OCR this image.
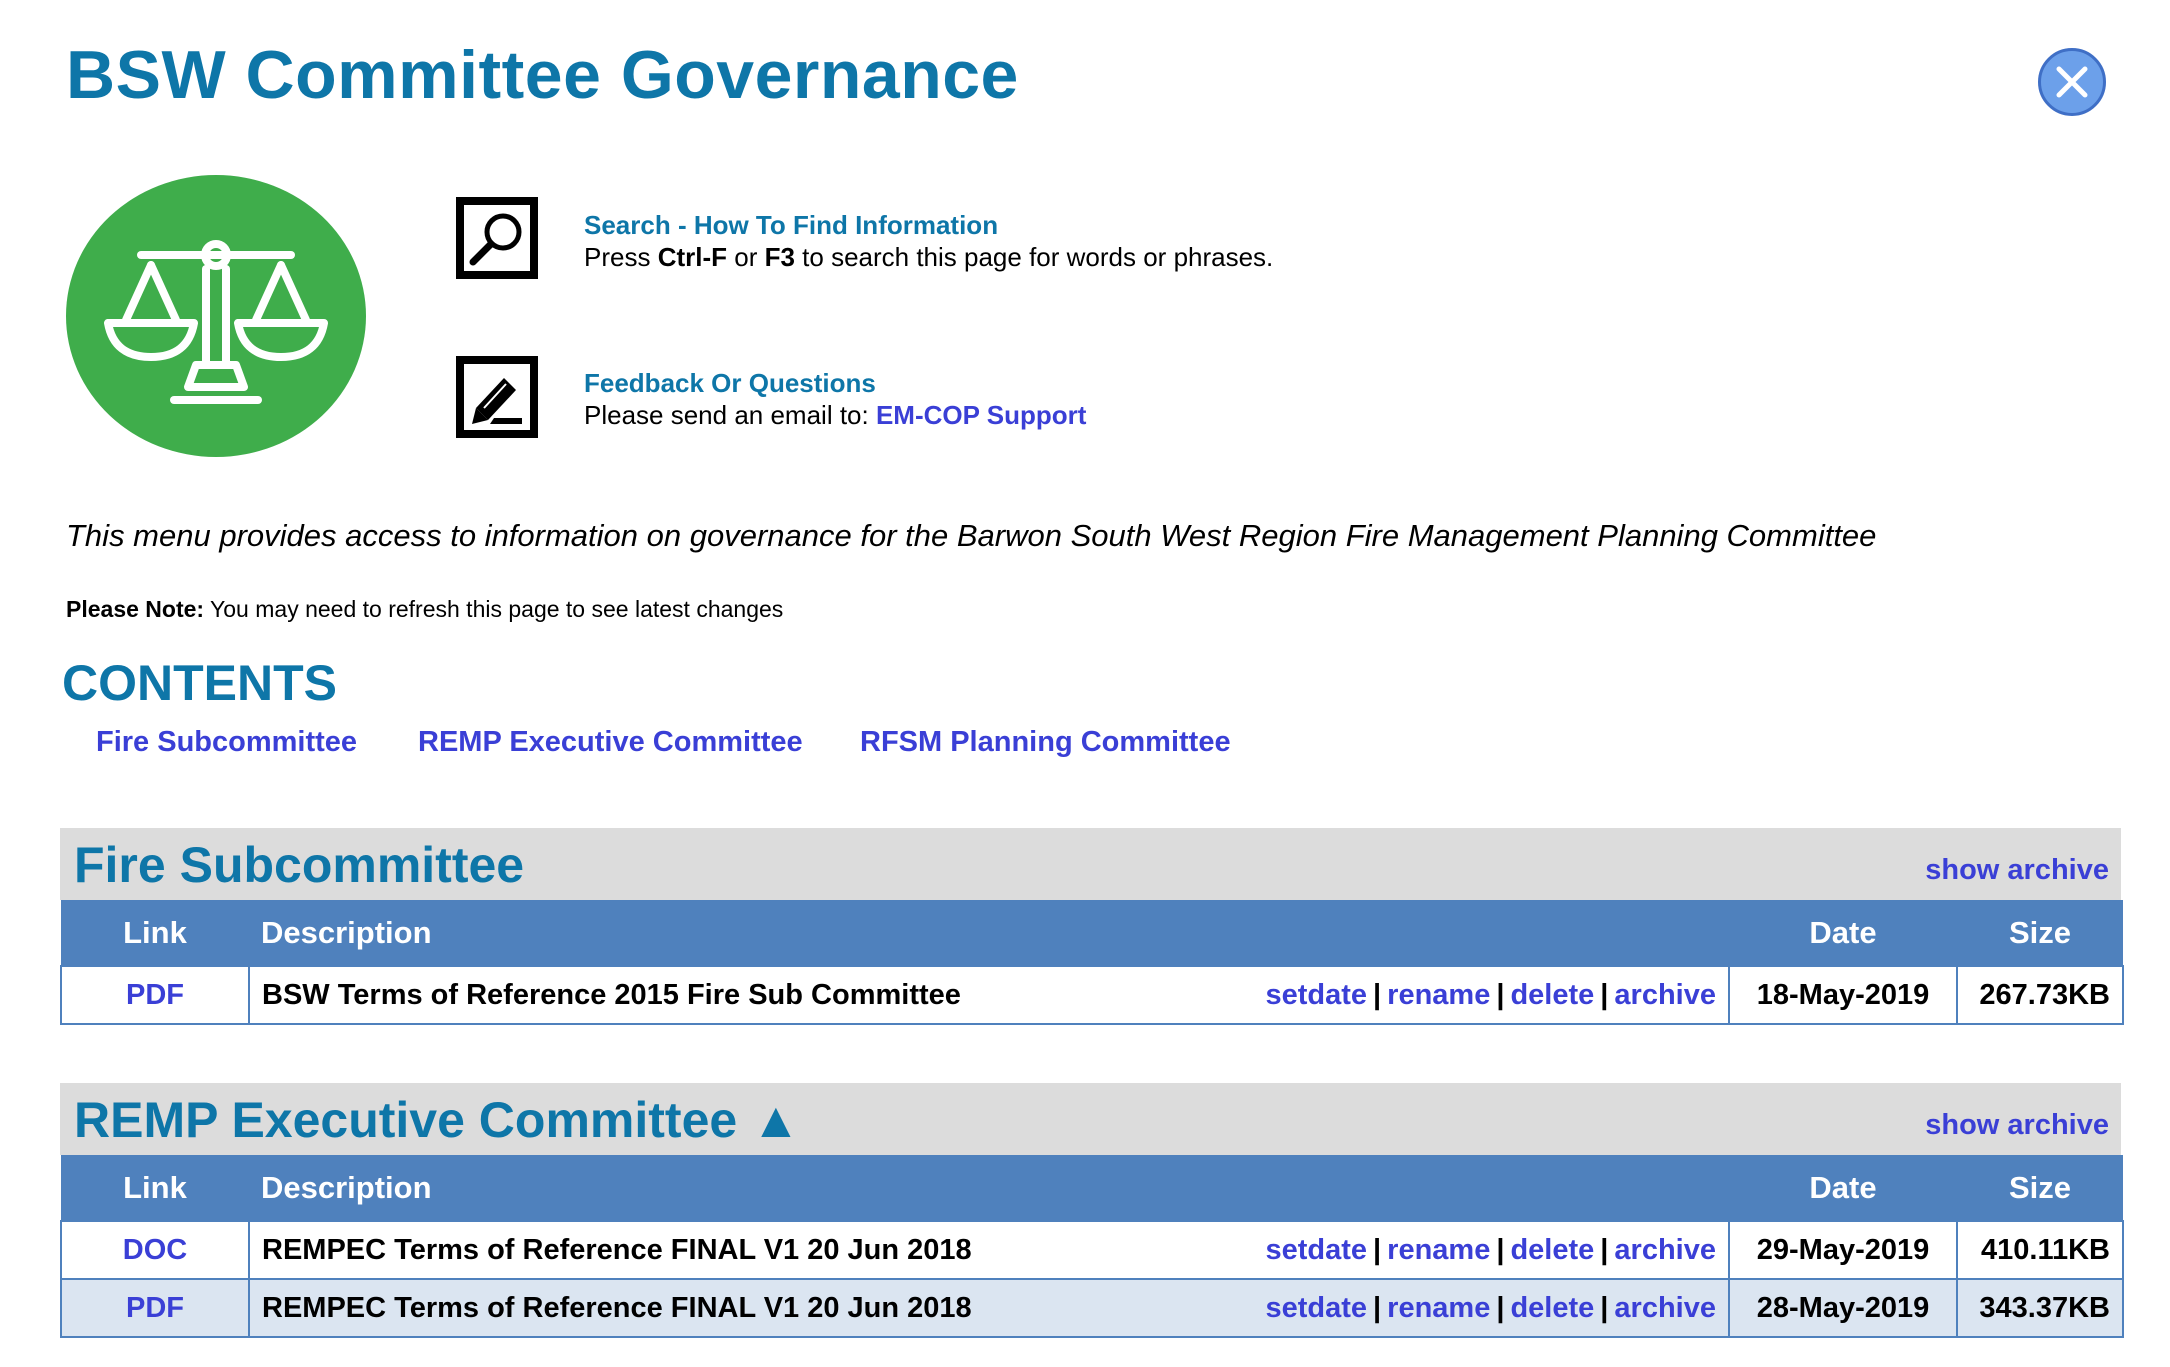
BSW Committee Governance
Search - How To Find Information
Press Ctrl-F or F3 to search this page for words or phrases.
Feedback Or Questions
Please send an email to: EM-COP Support
This menu provides access to information on governance for the Barwon South West Region Fire Management Planning Committee
Please Note: You may need to refresh this page to see latest changes
CONTENTS
Fire Subcommittee REMP Executive Committee RFSM Planning Committee
Fire Subcommittee	show archive
Link	Description	Date	Size
PDF	BSW Terms of Reference 2015 Fire Sub Committee setdate | rename | delete | archive	18-May-2019	267.73KB
REMP Executive Committee ▲	show archive
Link	Description	Date	Size
DOC	REMPEC Terms of Reference FINAL V1 20 Jun 2018 setdate | rename | delete | archive	29-May-2019	410.11KB
PDF	REMPEC Terms of Reference FINAL V1 20 Jun 2018 setdate | rename | delete | archive	28-May-2019	343.37KB
